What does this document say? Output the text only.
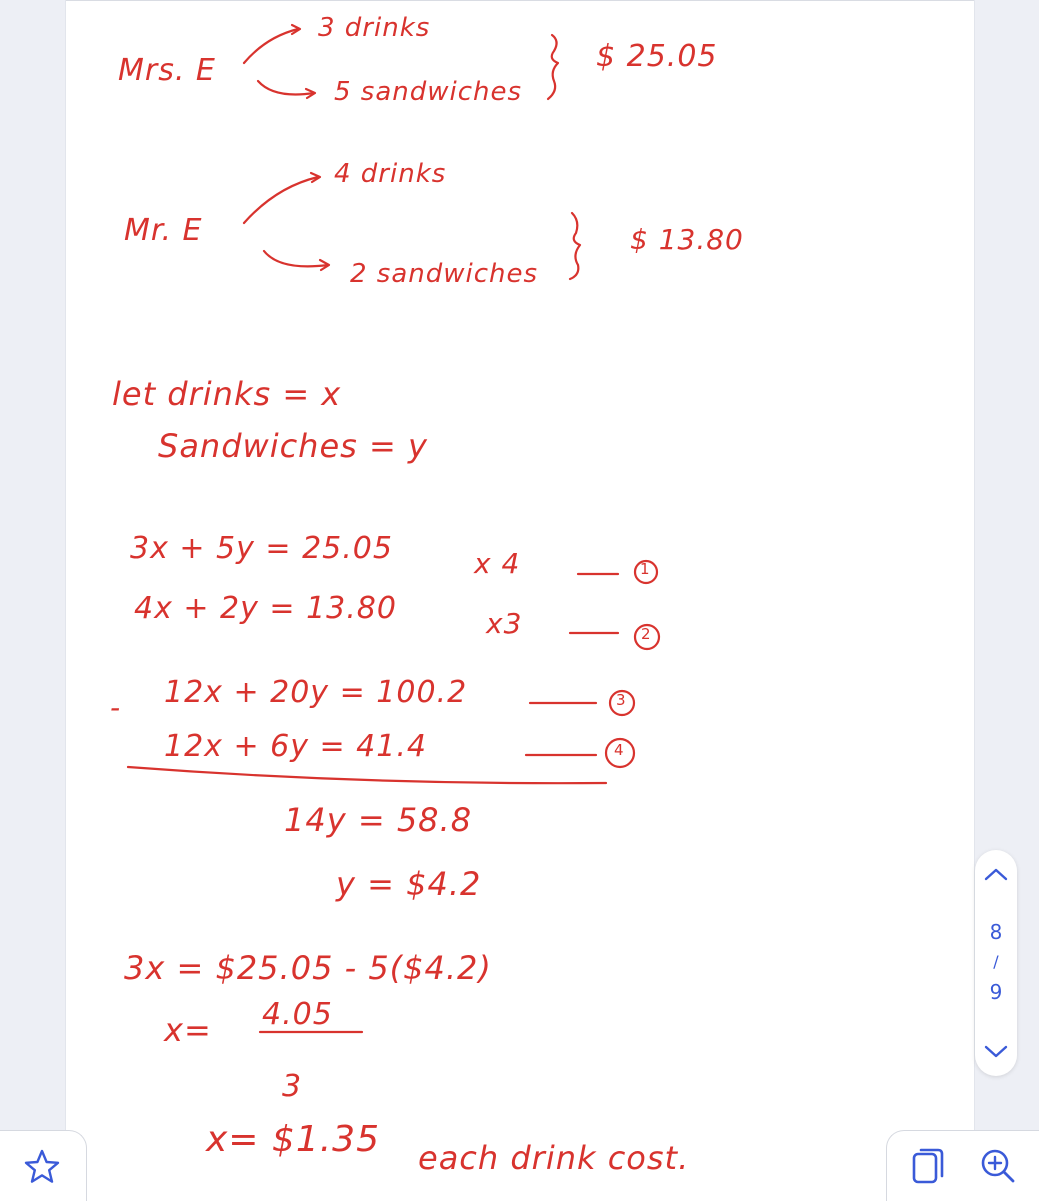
Mrs. E
3 drinks
5 sandwiches
$ 25.05
Mr. E
4 drinks
2 sandwiches
$ 13.80
let drinks = x
Sandwiches = y
3x + 5y = 25.05	x 4	1
4x + 2y = 13.80	x3	2
- 12x + 20y = 100.2	3
12x + 6y = 41.4	4
14y = 58.8
y = $4.2
3x = $25.05 - 5($4.2)
x= 4.05
3
x= $1.35 each drink cost.
8
/
9
